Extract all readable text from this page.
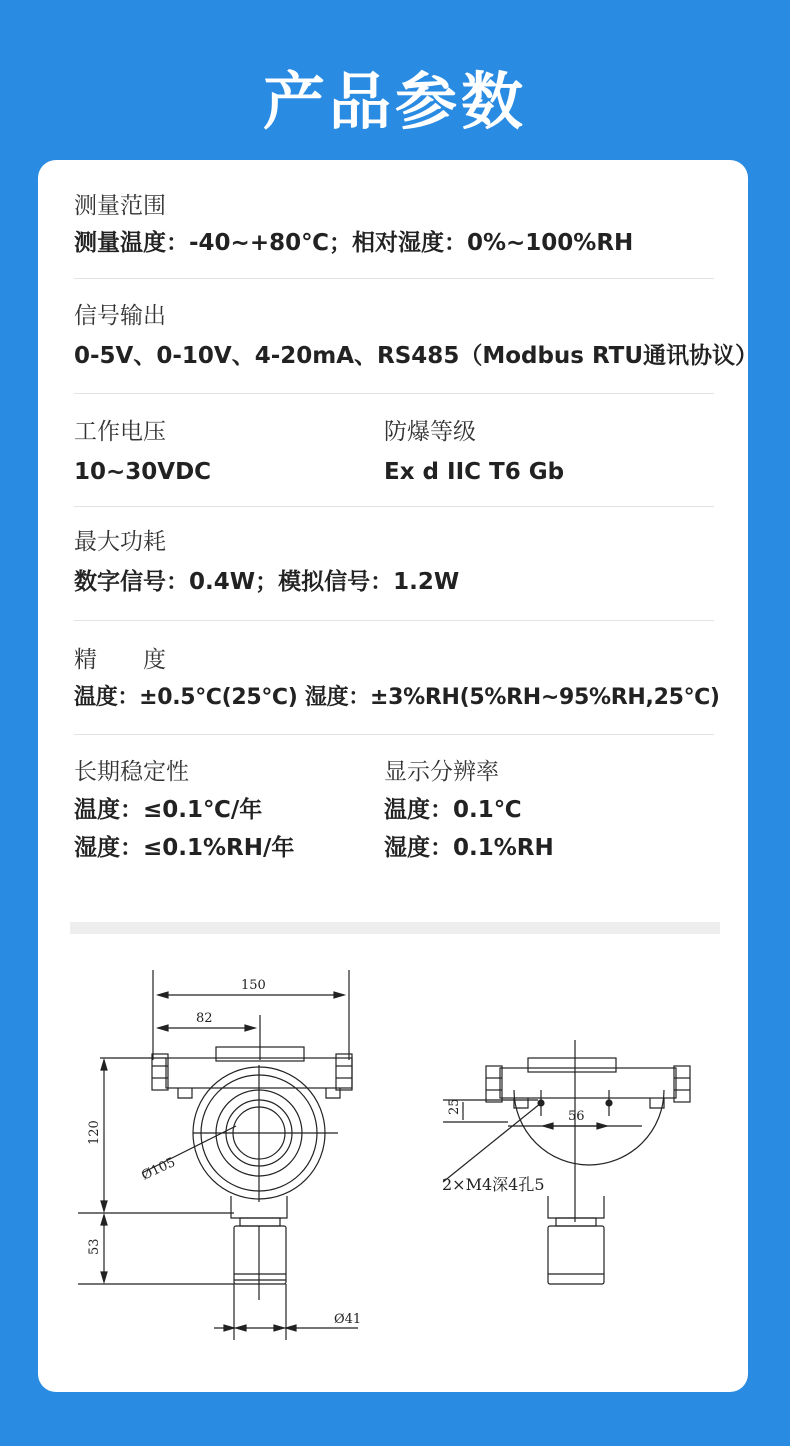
产品参数
测量范围
测量温度：-40~+80℃；相对湿度：0%~100%RH
信号输出
0-5V、0-10V、4-20mA、RS485（Modbus RTU通讯协议）
工作电压
10~30VDC
防爆等级
Ex d IIC T6 Gb
最大功耗
数字信号：0.4W；模拟信号：1.2W
精　　度
温度：±0.5℃(25℃) 湿度：±3%RH(5%RH~95%RH,25℃)
长期稳定性
温度：≤0.1℃/年
湿度：≤0.1%RH/年
显示分辨率
温度：0.1℃
湿度：0.1%RH
150
82
120
53
Ø105
Ø41
2×M4深4孔5
25
56
